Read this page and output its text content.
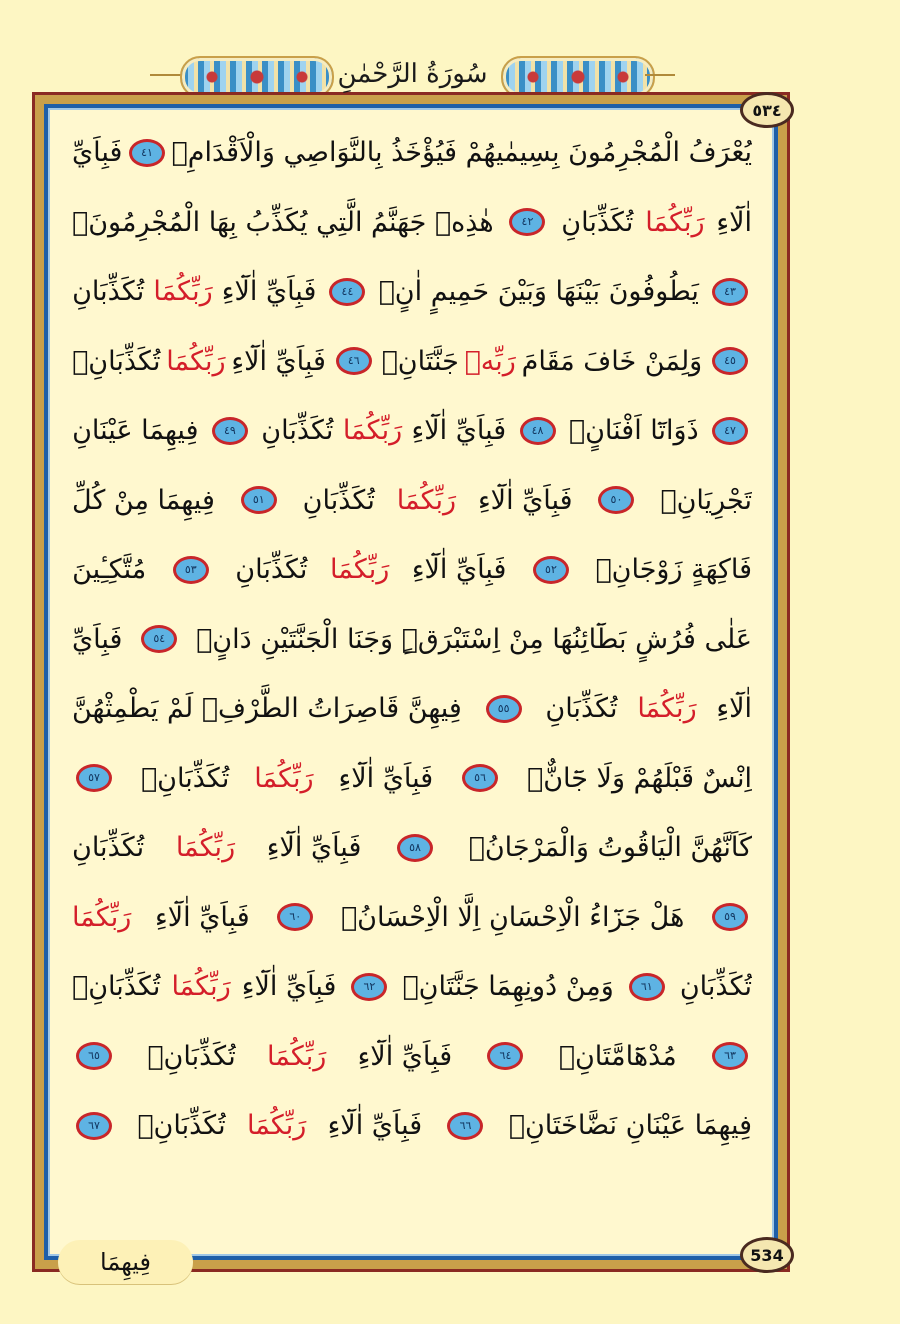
سُورَةُ الرَّحْمٰنِ
٥٣٤
534
يُعْرَفُ الْمُجْرِمُونَ بِسِيمٰيهُمْ فَيُؤْخَذُ بِالنَّوَاصِي وَالْاَقْدَامِۚ
٤١
فَبِاَيِّ
اٰلَٓاءِ
رَبِّكُمَا
تُكَذِّبَانِ
٤٢
هٰذِهٖ جَهَنَّمُ الَّتِي يُكَذِّبُ بِهَا الْمُجْرِمُونَۘ
٤٣
يَطُوفُونَ بَيْنَهَا وَبَيْنَ حَمِيمٍ اٰنٍۚ
٤٤
فَبِاَيِّ اٰلَٓاءِ
رَبِّكُمَا
تُكَذِّبَانِ
٤٥
وَلِمَنْ خَافَ مَقَامَ
رَبِّهٖ
جَنَّتَانِۚ
٤٦
فَبِاَيِّ اٰلَٓاءِ
رَبِّكُمَا
تُكَذِّبَانِۙ
٤٧
ذَوَاتَٓا اَفْنَانٍۚ
٤٨
فَبِاَيِّ اٰلَٓاءِ
رَبِّكُمَا
تُكَذِّبَانِ
٤٩
فِيهِمَا عَيْنَانِ
تَجْرِيَانِۚ
٥٠
فَبِاَيِّ اٰلَٓاءِ
رَبِّكُمَا
تُكَذِّبَانِ
٥١
فِيهِمَا مِنْ كُلِّ
فَاكِهَةٍ زَوْجَانِۚ
٥٢
فَبِاَيِّ اٰلَٓاءِ
رَبِّكُمَا
تُكَذِّبَانِ
٥٣
مُتَّكِـِٔينَ
عَلٰى فُرُشٍ بَطَٓائِنُهَا مِنْ اِسْتَبْرَقٍۜ وَجَنَا الْجَنَّتَيْنِ دَانٍۚ
٥٤
فَبِاَيِّ
اٰلَٓاءِ
رَبِّكُمَا
تُكَذِّبَانِ
٥٥
فِيهِنَّ قَاصِرَاتُ الطَّرْفِۙ لَمْ يَطْمِثْهُنَّ
اِنْسٌ قَبْلَهُمْ وَلَا جَٓانٌّۚ
٥٦
فَبِاَيِّ اٰلَٓاءِ
رَبِّكُمَا
تُكَذِّبَانِۚ
٥٧
كَاَنَّهُنَّ الْيَاقُوتُ وَالْمَرْجَانُۚ
٥٨
فَبِاَيِّ اٰلَٓاءِ
رَبِّكُمَا
تُكَذِّبَانِ
٥٩
هَلْ جَزَٓاءُ الْاِحْسَانِ اِلَّا الْاِحْسَانُۚ
٦٠
فَبِاَيِّ اٰلَٓاءِ
رَبِّكُمَا
تُكَذِّبَانِ
٦١
وَمِنْ دُونِهِمَا جَنَّتَانِۚ
٦٢
فَبِاَيِّ اٰلَٓاءِ
رَبِّكُمَا
تُكَذِّبَانِۙ
٦٣
مُدْهَٓامَّتَانِۚ
٦٤
فَبِاَيِّ اٰلَٓاءِ
رَبِّكُمَا
تُكَذِّبَانِۚ
٦٥
فِيهِمَا عَيْنَانِ نَضَّاخَتَانِۚ
٦٦
فَبِاَيِّ اٰلَٓاءِ
رَبِّكُمَا
تُكَذِّبَانِۚ
٦٧
فِيهِمَا
